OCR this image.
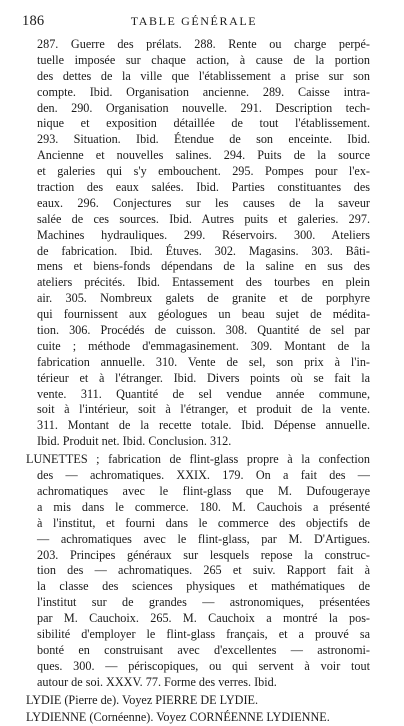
186	TABLE GÉNÉRALE
287. Guerre des prélats. 288. Rente ou charge perpé-
tuelle imposée sur chaque action, à cause de la portion
des dettes de la ville que l'établissement a prise sur son
compte. Ibid. Organisation ancienne. 289. Caisse intra-
den. 290. Organisation nouvelle. 291. Description tech-
nique et exposition détaillée de tout l'établissement.
293. Situation. Ibid. Étendue de son enceinte. Ibid.
Ancienne et nouvelles salines. 294. Puits de la source
et galeries qui s'y embouchent. 295. Pompes pour l'ex-
traction des eaux salées. Ibid. Parties constituantes des
eaux. 296. Conjectures sur les causes de la saveur
salée de ces sources. Ibid. Autres puits et galeries. 297.
Machines hydrauliques. 299. Réservoirs. 300. Ateliers
de fabrication. Ibid. Étuves. 302. Magasins. 303. Bâti-
mens et biens-fonds dépendans de la saline en sus des
ateliers précités. Ibid. Entassement des tourbes en plein
air. 305. Nombreux galets de granite et de porphyre
qui fournissent aux géologues un beau sujet de médita-
tion. 306. Procédés de cuisson. 308. Quantité de sel par
cuite ; méthode d'emmagasinement. 309. Montant de la
fabrication annuelle. 310. Vente de sel, son prix à l'in-
térieur et à l'étranger. Ibid. Divers points où se fait la
vente. 311. Quantité de sel vendue année commune,
soit à l'intérieur, soit à l'étranger, et produit de la vente.
311. Montant de la recette totale. Ibid. Dépense annuelle.
Ibid. Produit net. Ibid. Conclusion. 312.
LUNETTES ; fabrication de flint-glass propre à la confection
des — achromatiques. XXIX. 179. On a fait des —
achromatiques avec le flint-glass que M. Dufougeraye
a mis dans le commerce. 180. M. Cauchois a présenté
à l'institut, et fourni dans le commerce des objectifs de
— achromatiques avec le flint-glass, par M. D'Artigues.
203. Principes généraux sur lesquels repose la construc-
tion des — achromatiques. 265 et suiv. Rapport fait à
la classe des sciences physiques et mathématiques de
l'institut sur de grandes — astronomiques, présentées
par M. Cauchoix. 265. M. Cauchoix a montré la pos-
sibilité d'employer le flint-glass français, et a prouvé sa
bonté en construisant avec d'excellentes — astronomi-
ques. 300. — périscopiques, ou qui servent à voir tout
autour de soi. XXXV. 77. Forme des verres. Ibid.
LYDIE (Pierre de). Voyez PIERRE DE LYDIE.
LYDIENNE (Cornéenne). Voyez CORNÉENNE LYDIENNE.
